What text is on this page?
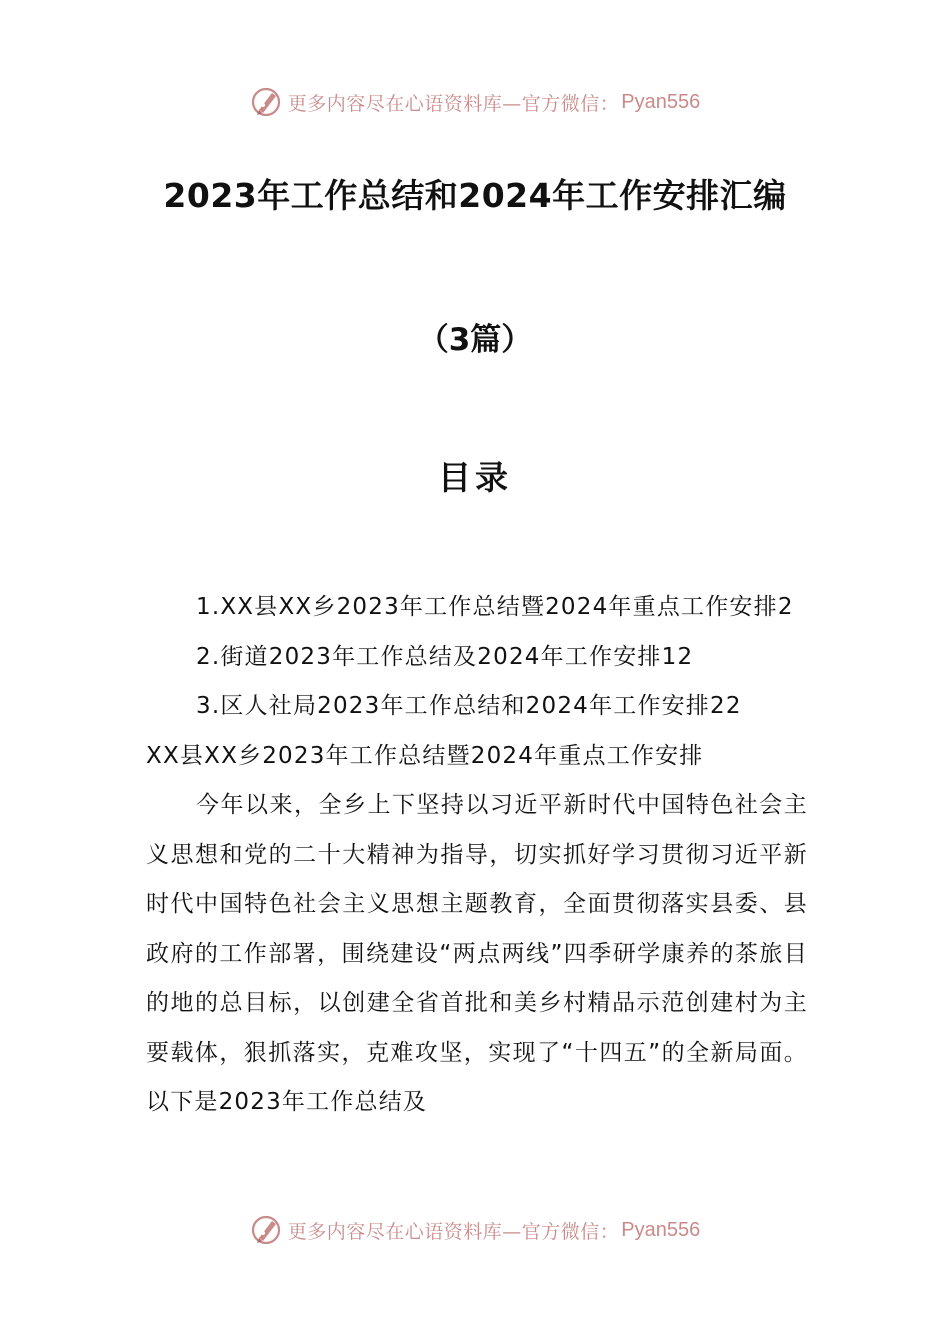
更多内容尽在心语资料库—官方微信： Pyan556
2023年工作总结和2024年工作安排汇编
（3篇）
目录
1.XX县XX乡2023年工作总结暨2024年重点工作安排2
2.街道2023年工作总结及2024年工作安排12
3.区人社局2023年工作总结和2024年工作安排22
XX县XX乡2023年工作总结暨2024年重点工作安排
今年以来，全乡上下坚持以习近平新时代中国特色社会主义思想和党的二十大精神为指导，切实抓好学习贯彻习近平新时代中国特色社会主义思想主题教育，全面贯彻落实县委、县政府的工作部署，围绕建设“两点两线”四季研学康养的茶旅目的地的总目标，以创建全省首批和美乡村精品示范创建村为主要载体，狠抓落实，克难攻坚，实现了“十四五”的全新局面。以下是2023年工作总结及
更多内容尽在心语资料库—官方微信： Pyan556
